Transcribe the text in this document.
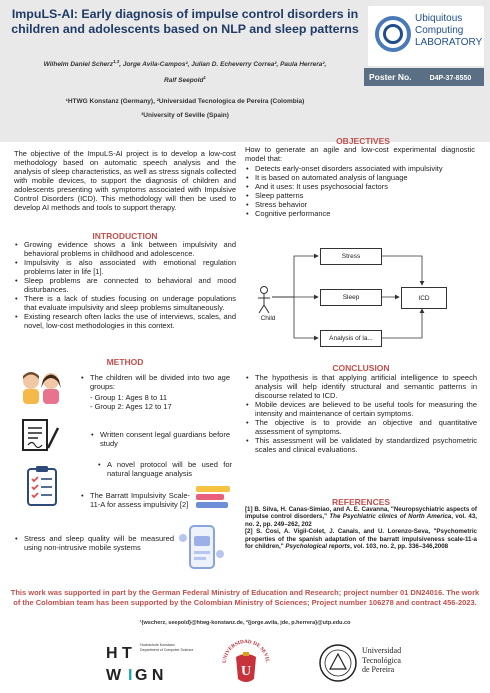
ImpuLS-AI: Early diagnosis of impulse control disorders in children and adolescents based on NLP and sleep patterns
Wilhelm Daniel Scherz$^{1,3}$, Jorge Avila-Campos², Julian D. Echeverry Correa², Paula Herrera²,
Ralf Seepold$^1$
¹HTWG Konstanz (Germany), ²Universidad Tecnologica de Pereira (Colombia)
³University of Seville (Spain)
Ubiquitous
Computing
LABORATORY
Poster No.	D4P-37-8550
The objective of the ImpuLS-AI project is to develop a low-cost methodology based on automatic speech analysis and the analysis of sleep characteristics, as well as stress signals collected with mobile devices, to support the diagnosis of children and adolescents presenting with symptoms associated with Impulsive Control Disorders (ICD). This methodology will then be used to develop AI methods and tools to support therapy.
OBJECTIVES
How to generate an agile and low-cost experimental diagnostic model that:
• Detects early-onset disorders associated with impulsivity
• It is based on automated analysis of language
• And it uses: It uses psychosocial factors
• Sleep patterns
• Stress behavior
• Cognitive performance
INTRODUCTION
• Growing evidence shows a link between impulsivity and behavioral problems in childhood and adolescence.
• Impulsivity is also associated with emotional regulation problems later in life [1].
• Sleep problems are connected to behavioral and mood disturbances.
• There is a lack of studies focusing on underage populations that evaluate impulsivity and sleep problems simultaneously.
• Existing research often lacks the use of interviews, scales, and novel, low-cost methodologies in this context.
Child
Stress
Sleep
Analysis of la...
ICD
METHOD
• The children will be divided into two age groups:
- Group 1: Ages 8 to 11
- Group 2: Ages 12 to 17
• Written consent legal guardians before study
• A novel protocol will be used for natural language analysis
• The Barratt Impulsivity Scale-11-A for assess impulsivity [2]
• Stress and sleep quality will be measured using non-intrusive mobile systems
CONCLUSION
• The hypothesis is that applying artificial intelligence to speech analysis will help identify structural and semantic patterns in discourse related to ICD.
• Mobile devices are believed to be useful tools for measuring the intensity and maintenance of certain symptoms.
• The objective is to provide an objective and quantitative assessment of symptoms.
• This assessment will be validated by standardized psychometric scales and clinical evaluations.
REFERENCES

[1] B. Silva, H. Canas-Simiao, and A. E. Cavanna, "Neuropsychiatric aspects of impulse control disorders," The Psychiatric clinics of North America, vol. 43, no. 2, pp. 249–262, 202

[2] S. Cosi, A. Vigil-Colet, J. Canals, and U. Lorenzo-Seva, "Psychometric properties of the spanish adaptation of the barratt impulsiveness scale-11-a for children," Psychological reports, vol. 103, no. 2, pp. 336–346,2008

This work was supported in part by the German Federal Ministry of Education and Research; project number 01 DN24016. The work of the Colombian team has been supported by the Colombian Ministry of Sciences; Project number 106278 and contract 456-2023.
¹{wscherz, seepold}@htwg-konstanz.de, ²{jorge.avila, jde, p.herrera}@utp.edu.co
H T
W I G N
Hochschule Konstanz
Department of Computer Science
UNIVERSIDAD DE SEVIL
U
Universidad
Tecnológica
de Pereira
